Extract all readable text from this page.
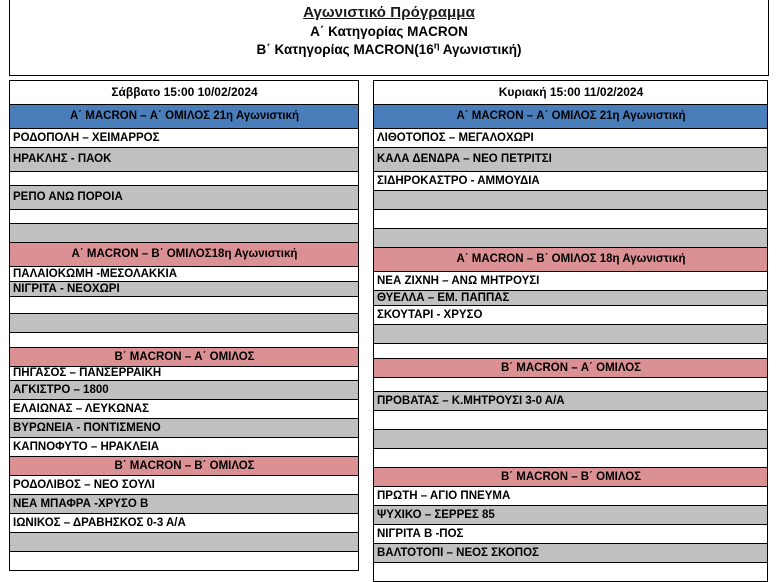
Αγωνιστικό Πρόγραμμα
Α΄ Κατηγορίας MACRON
Β΄ Κατηγορίας $MACRON(16^\eta$ Αγωνιστική)
Σάββατο 15:00 10/02/2024
Α΄ MACRON – Α΄ ΟΜΙΛΟΣ 21η Αγωνιστική
ΡΟΔΟΠΟΛΗ – ΧΕΙΜΑΡΡΟΣ
ΗΡΑΚΛΗΣ - ΠΑΟΚ
ΡΕΠΟ ΑΝΩ ΠΟΡΟΙΑ
Α΄ MACRON – Β΄ ΟΜΙΛΟΣ18η Αγωνιστική
ΠΑΛΑΙΟΚΩΜΗ -ΜΕΣΟΛΑΚΚΙΑ
ΝΙΓΡΙΤΑ - ΝΕΟΧΩΡΙ
Β΄ MACRON – Α΄ ΟΜΙΛΟΣ
ΠΗΓΑΣΟΣ – ΠΑΝΣΕΡΡΑΙΚΗ
ΑΓΚΙΣΤΡΟ – 1800
ΕΛΑΙΩΝΑΣ – ΛΕΥΚΩΝΑΣ
ΒΥΡΩΝΕΙΑ - ΠΟΝΤΙΣΜΕΝΟ
ΚΑΠΝΟΦΥΤΟ – ΗΡΑΚΛΕΙΑ
Β΄ MACRON – Β΄ ΟΜΙΛΟΣ
ΡΟΔΟΛΙΒΟΣ – ΝΕΟ ΣΟΥΛΙ
ΝΕΑ ΜΠΑΦΡΑ -ΧΡΥΣΟ Β
ΙΩΝΙΚΟΣ – ΔΡΑΒΗΣΚΟΣ 0-3 Α/Α
Κυριακή 15:00 11/02/2024
Α΄ MACRON – Α΄ ΟΜΙΛΟΣ 21η Αγωνιστική
ΛΙΘΟΤΟΠΟΣ – ΜΕΓΑΛΟΧΩΡΙ
ΚΑΛΑ ΔΕΝΔΡΑ – ΝΕΟ ΠΕΤΡΙΤΣΙ
ΣΙΔΗΡΟΚΑΣΤΡΟ - ΑΜΜΟΥΔΙΑ
Α΄ MACRON – Β΄ ΟΜΙΛΟΣ 18η Αγωνιστική
ΝΕΑ ΖΙΧΝΗ – ΑΝΩ ΜΗΤΡΟΥΣΙ
ΘΥΕΛΛΑ – ΕΜ. ΠΑΠΠΑΣ
ΣΚΟΥΤΑΡΙ - ΧΡΥΣΟ
Β΄ MACRON – Α΄ ΟΜΙΛΟΣ
ΠΡΟΒΑΤΑΣ – Κ.ΜΗΤΡΟΥΣΙ 3-0 Α/Α
Β΄ MACRON – Β΄ ΟΜΙΛΟΣ
ΠΡΩΤΗ – ΑΓΙΟ ΠΝΕΥΜΑ
ΨΥΧΙΚΟ – ΣΕΡΡΕΣ 85
ΝΙΓΡΙΤΑ Β -ΠΟΣ
ΒΑΛΤΟΤΟΠΙ – ΝΕΟΣ ΣΚΟΠΟΣ
